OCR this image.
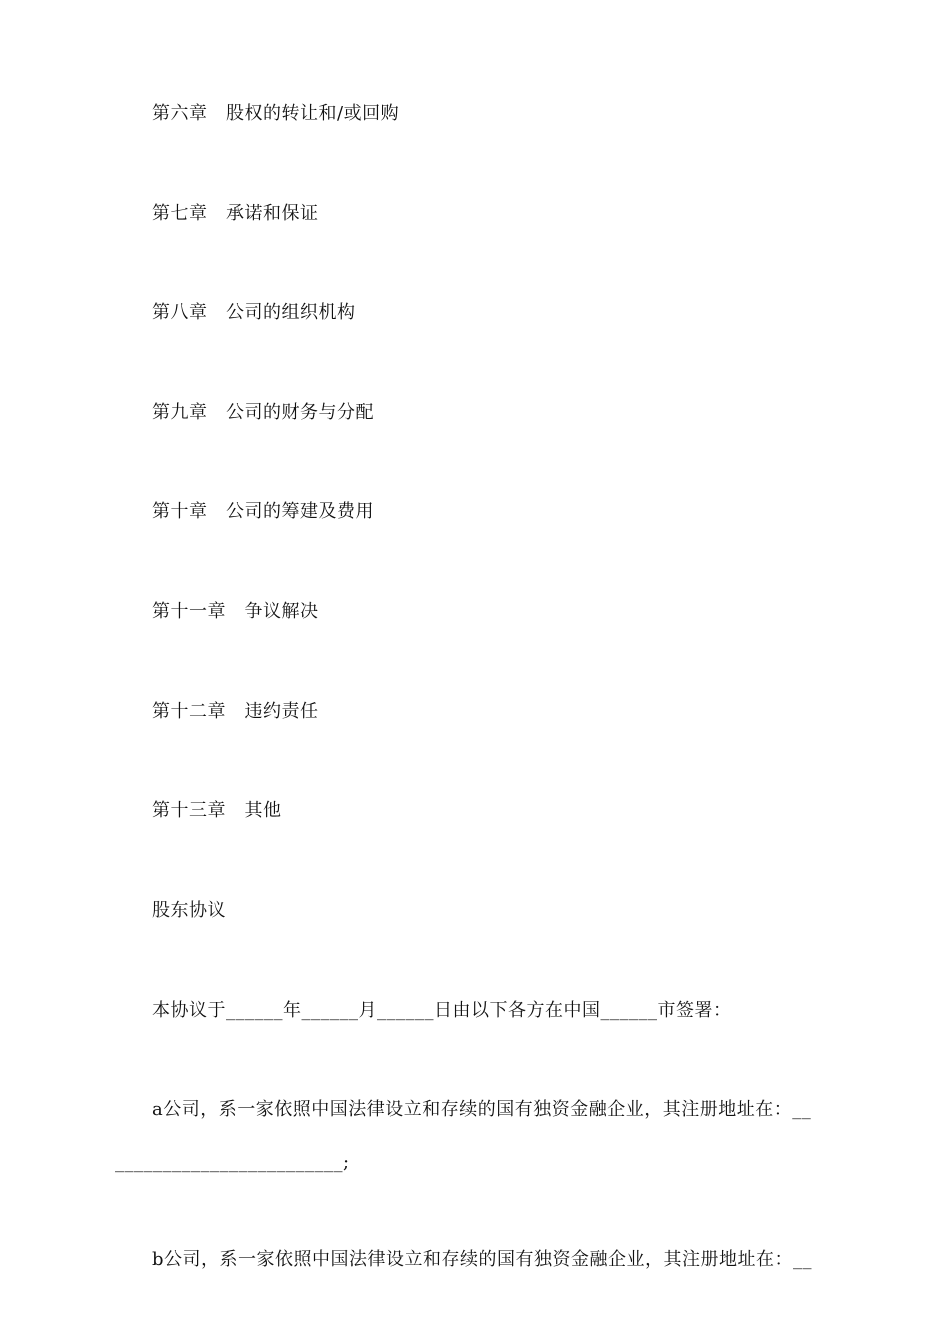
第六章　股权的转让和/或回购
第七章　承诺和保证
第八章　公司的组织机构
第九章　公司的财务与分配
第十章　公司的筹建及费用
第十一章　争议解决
第十二章　违约责任
第十三章　其他
股东协议
本协议于______年______月______日由以下各方在中国______市签署：
a公司，系一家依照中国法律设立和存续的国有独资金融企业，其注册地址在：__
________________________;
b公司，系一家依照中国法律设立和存续的国有独资金融企业，其注册地址在：__
